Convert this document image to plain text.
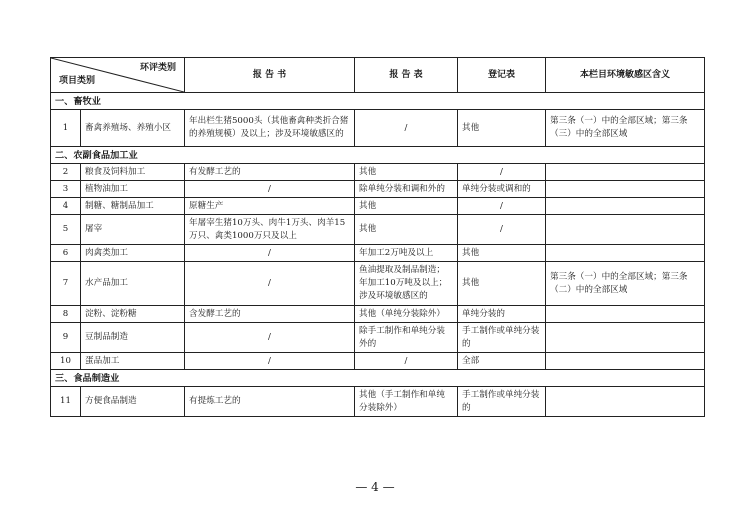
环评类别
项目类别		报 告 书	报 告 表	登记表	本栏目环境敏感区含义
一、畜牧业					
1	畜禽养殖场、养殖小区	年出栏生猪5000头（其他畜禽种类折合猪的养殖规模）及以上；涉及环境敏感区的	/	其他	第三条（一）中的全部区域；第三条（三）中的全部区域
二、农副食品加工业					
2	粮食及饲料加工	有发酵工艺的	其他	/	
3	植物油加工	/	除单纯分装和调和外的	单纯分装或调和的	
4	制糖、糖制品加工	原糖生产	其他	/	
5	屠宰	年屠宰生猪10万头、肉牛1万头、肉羊15万只、禽类1000万只及以上	其他	/	
6	肉禽类加工	/	年加工2万吨及以上	其他	
7	水产品加工	/	鱼油提取及制品制造；年加工10万吨及以上；涉及环境敏感区的	其他	第三条（一）中的全部区域；第三条（二）中的全部区域
8	淀粉、淀粉糖	含发酵工艺的	其他（单纯分装除外）	单纯分装的	
9	豆制品制造	/	除手工制作和单纯分装外的	手工制作或单纯分装的	
10	蛋品加工	/	/	全部	
三、食品制造业					
11	方便食品制造	有提炼工艺的	其他（手工制作和单纯分装除外）	手工制作或单纯分装的	
— 4 —
